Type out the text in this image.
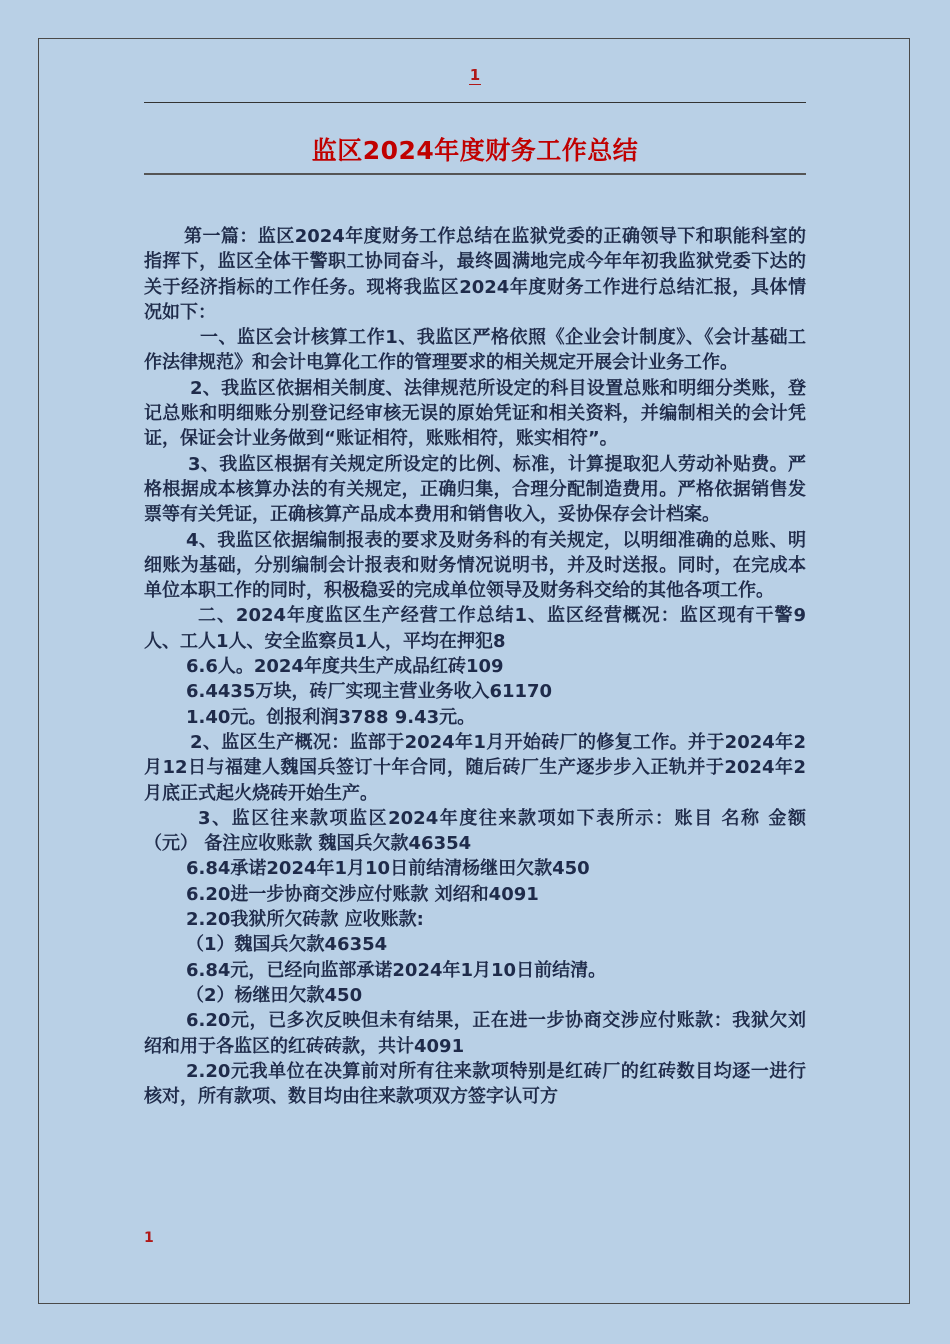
1
监区2024年度财务工作总结

第一篇：监区2024年度财务工作总结在监狱党委的正确领导下和职能科室的指挥下，监区全体干警职工协同奋斗，最终圆满地完成今年年初我监狱党委下达的关于经济指标的工作任务。现将我监区2024年度财务工作进行总结汇报，具体情况如下：

一、监区会计核算工作1、我监区严格依照《企业会计制度》、《会计基础工作法律规范》和会计电算化工作的管理要求的相关规定开展会计业务工作。

2、我监区依据相关制度、法律规范所设定的科目设置总账和明细分类账，登记总账和明细账分别登记经审核无误的原始凭证和相关资料，并编制相关的会计凭证，保证会计业务做到“账证相符，账账相符，账实相符”。

3、我监区根据有关规定所设定的比例、标准，计算提取犯人劳动补贴费。严格根据成本核算办法的有关规定，正确归集，合理分配制造费用。严格依据销售发票等有关凭证，正确核算产品成本费用和销售收入，妥协保存会计档案。

4、我监区依据编制报表的要求及财务科的有关规定，以明细准确的总账、明细账为基础，分别编制会计报表和财务情况说明书，并及时送报。同时，在完成本单位本职工作的同时，积极稳妥的完成单位领导及财务科交给的其他各项工作。

二、2024年度监区生产经营工作总结1、监区经营概况：监区现有干警9人、工人1人、安全监察员1人，平均在押犯8

6.6人。2024年度共生产成品红砖109

6.4435万块，砖厂实现主营业务收入61170

1.40元。创报利润3788 9.43元。

2、监区生产概况：监部于2024年1月开始砖厂的修复工作。并于2024年2月12日与福建人魏国兵签订十年合同，随后砖厂生产逐步步入正轨并于2024年2月底正式起火烧砖开始生产。

3、监区往来款项监区2024年度往来款项如下表所示：账目 名称 金额（元） 备注应收账款 魏国兵欠款46354

6.84承诺2024年1月10日前结清杨继田欠款450

6.20进一步协商交涉应付账款 刘绍和4091

2.20我狱所欠砖款 应收账款:

（1）魏国兵欠款46354

6.84元，已经向监部承诺2024年1月10日前结清。

（2）杨继田欠款450

6.20元，已多次反映但未有结果，正在进一步协商交涉应付账款：我狱欠刘绍和用于各监区的红砖砖款，共计4091

2.20元我单位在决算前对所有往来款项特别是红砖厂的红砖数目均逐一进行核对，所有款项、数目均由往来款项双方签字认可方

1
